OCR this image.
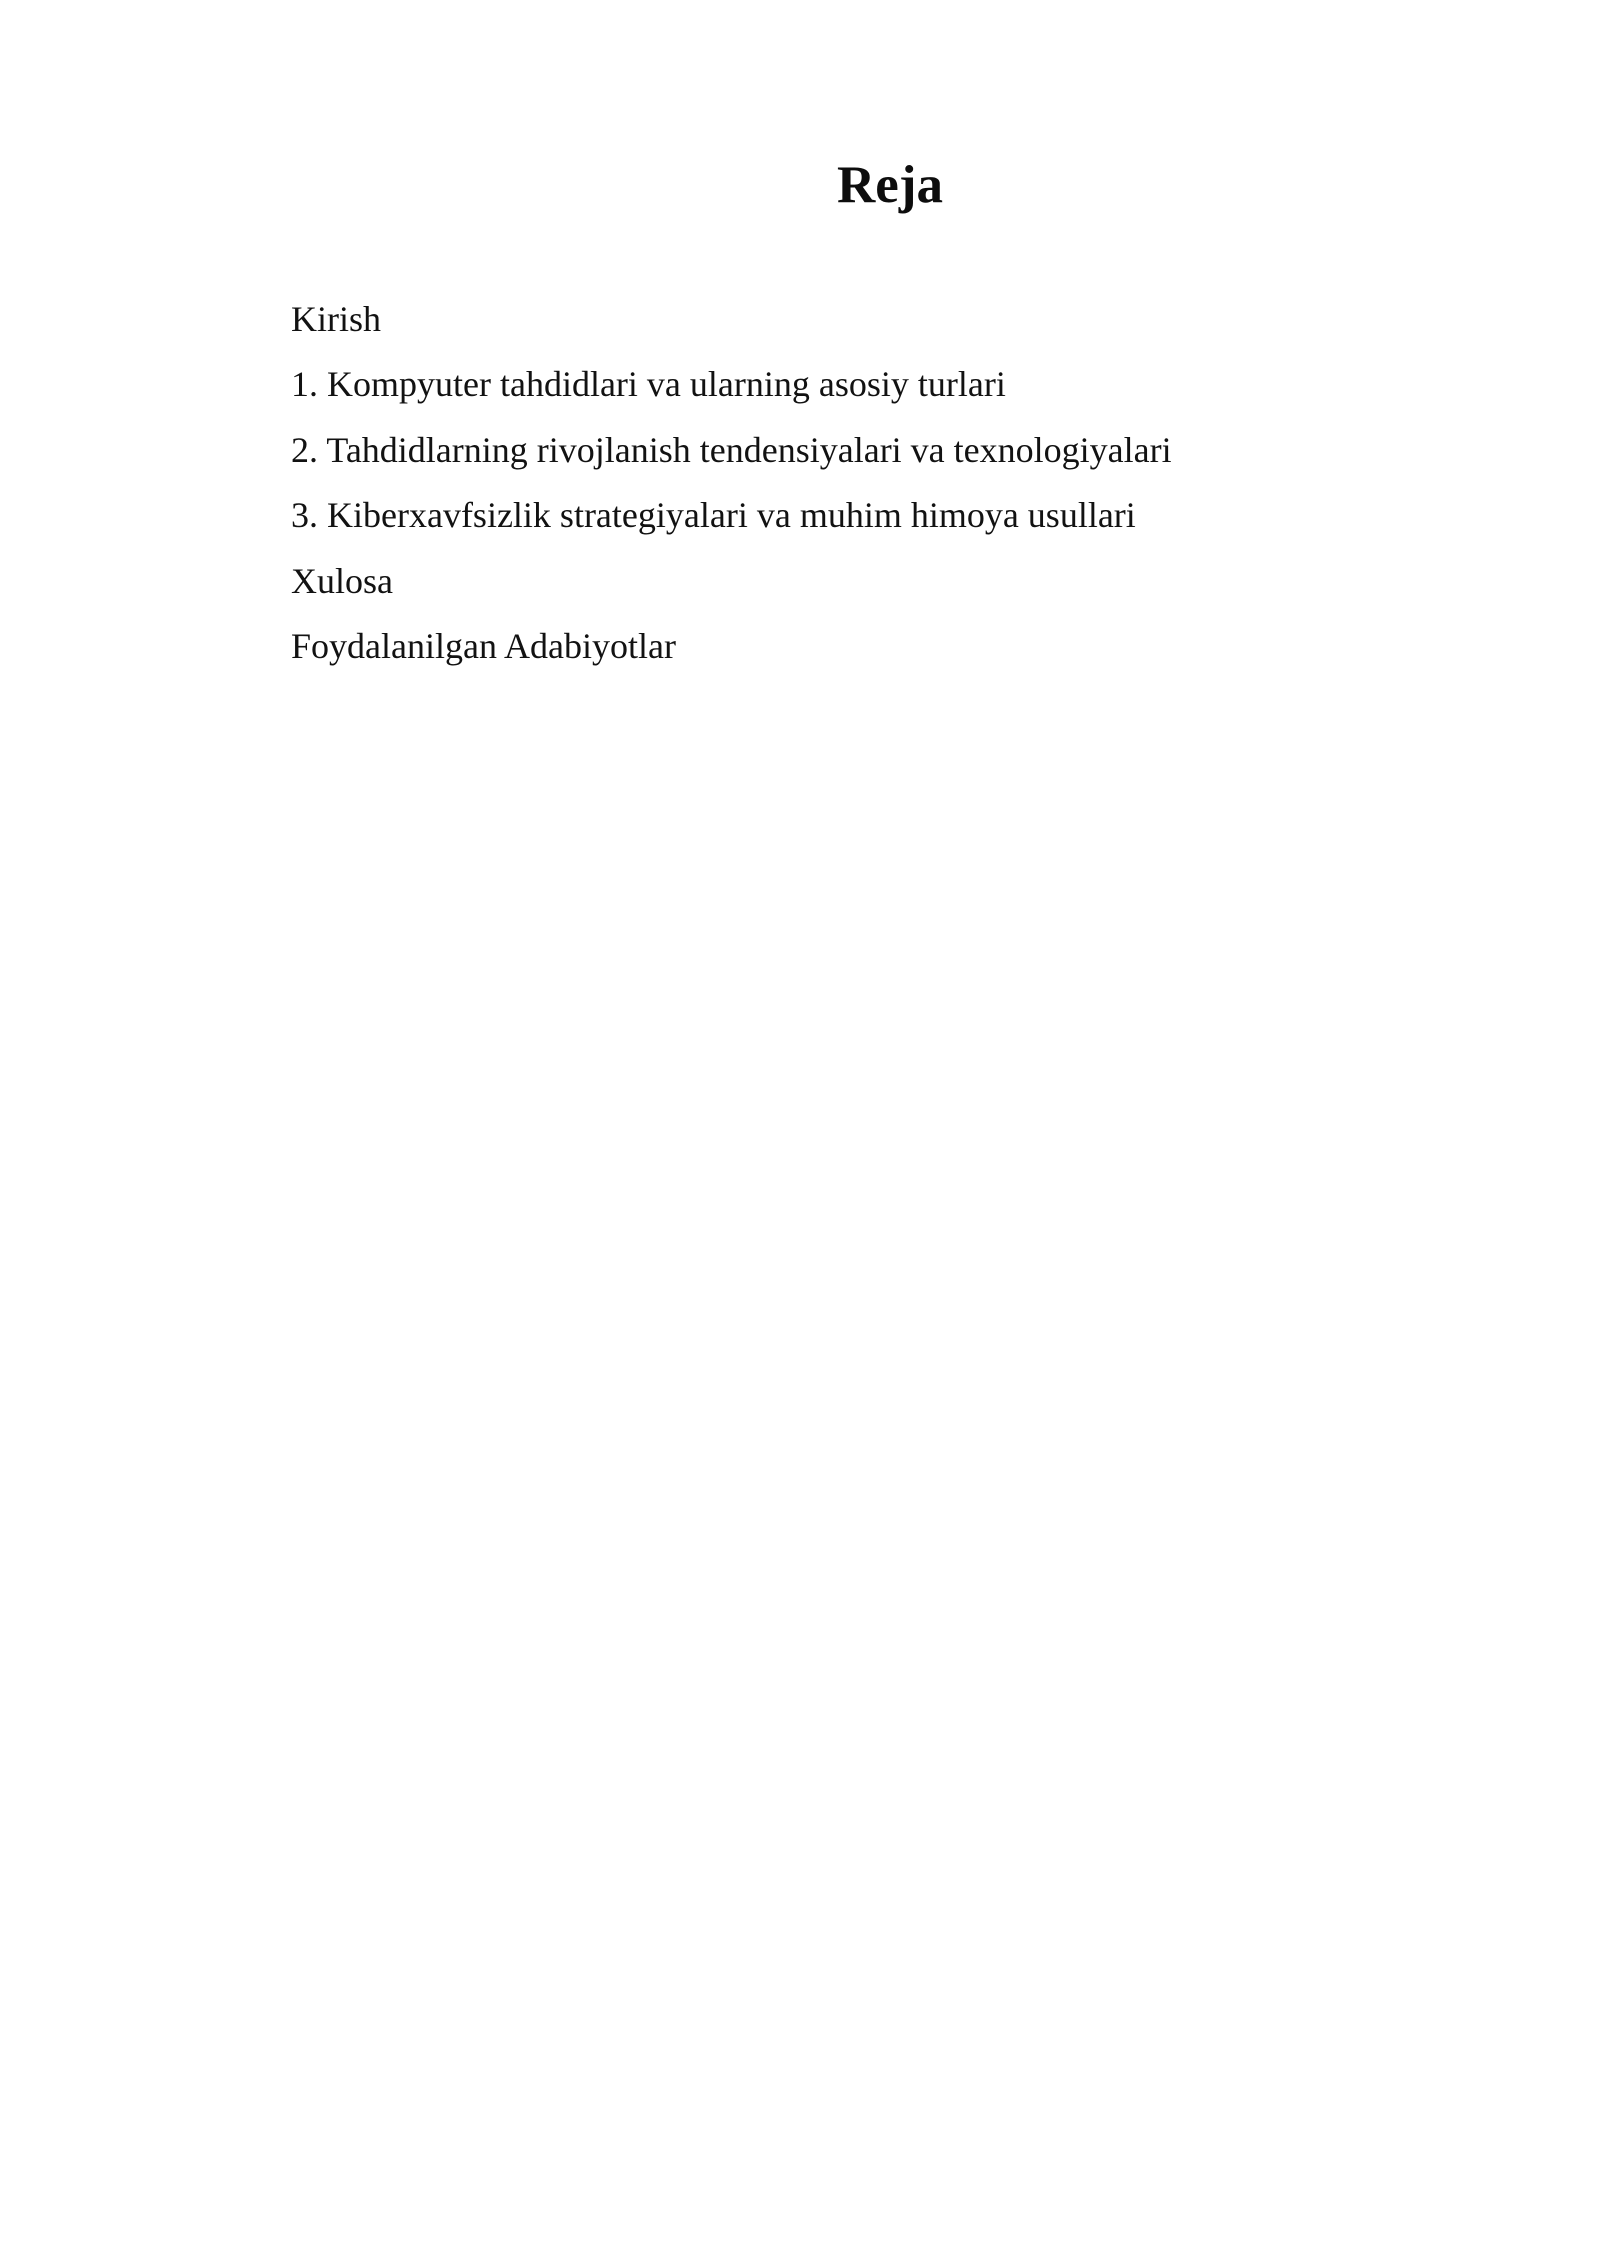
Reja
Kirish
1. Kompyuter tahdidlari va ularning asosiy turlari
2. Tahdidlarning rivojlanish tendensiyalari va texnologiyalari
3. Kiberxavfsizlik strategiyalari va muhim himoya usullari
Xulosa
Foydalanilgan Adabiyotlar
